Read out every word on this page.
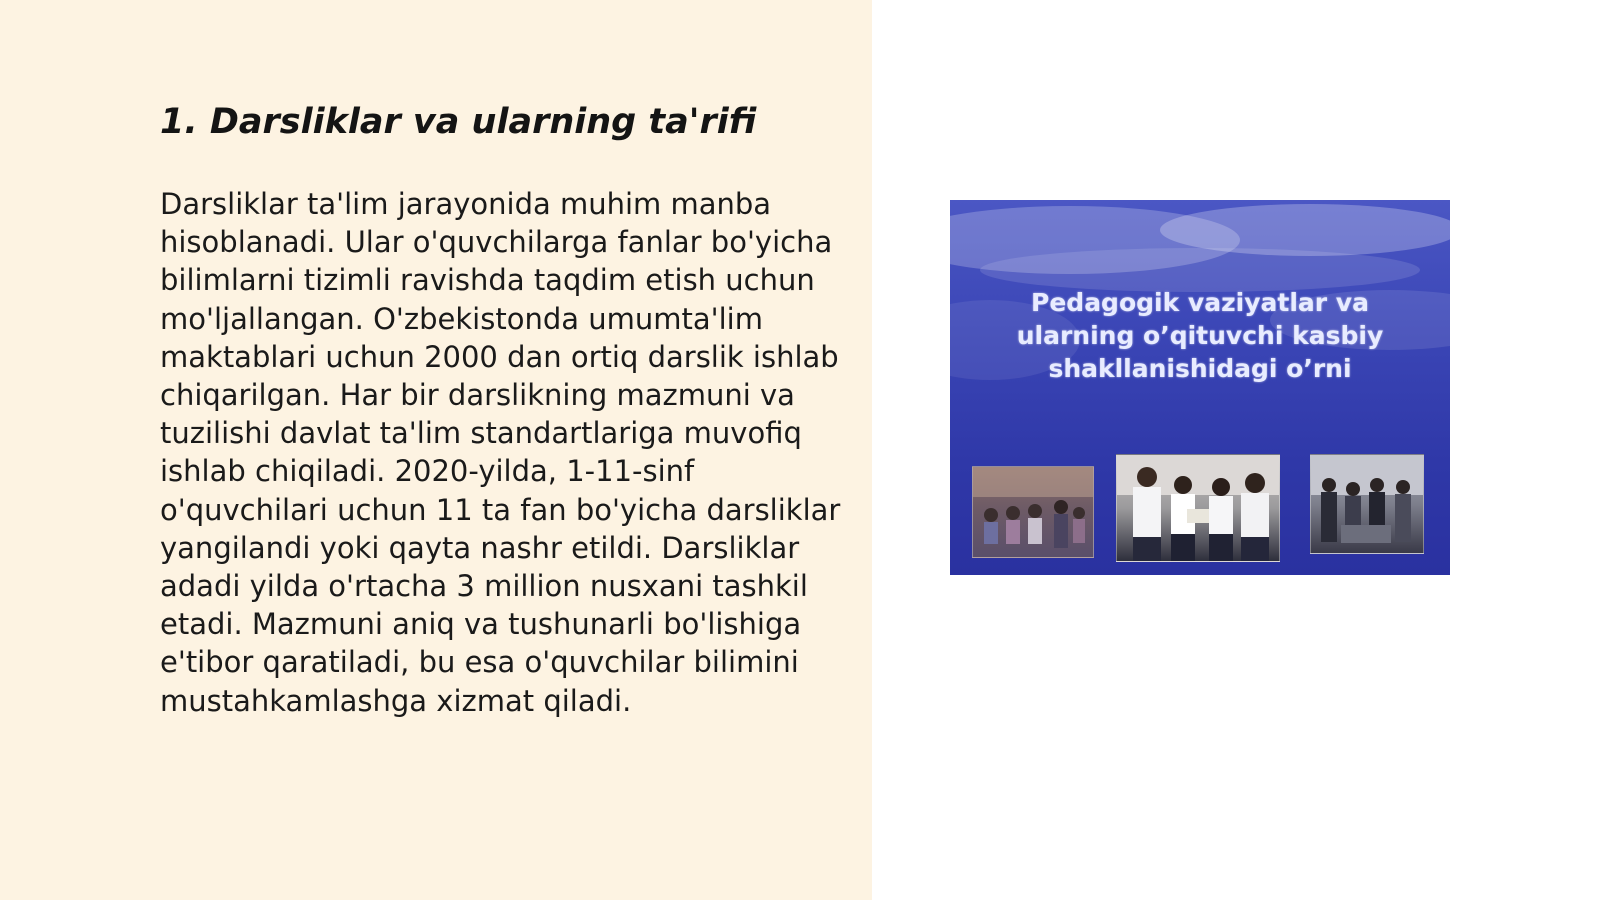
1. Darsliklar va ularning ta'rifi

Darsliklar ta'lim jarayonida muhim manba hisoblanadi. Ular o'quvchilarga fanlar bo'yicha bilimlarni tizimli ravishda taqdim etish uchun mo'ljallangan. O'zbekistonda umumta'lim maktablari uchun 2000 dan ortiq darslik ishlab chiqarilgan. Har bir darslikning mazmuni va tuzilishi davlat ta'lim standartlariga muvofiq ishlab chiqiladi. 2020-yilda, 1-11-sinf o'quvchilari uchun 11 ta fan bo'yicha darsliklar yangilandi yoki qayta nashr etildi. Darsliklar adadi yilda o'rtacha 3 million nusxani tashkil etadi. Mazmuni aniq va tushunarli bo'lishiga e'tibor qaratiladi, bu esa o'quvchilar bilimini mustahkamlashga xizmat qiladi.

Pedagogik vaziyatlar va ularning o’qituvchi kasbiy shakllanishidagi o’rni
